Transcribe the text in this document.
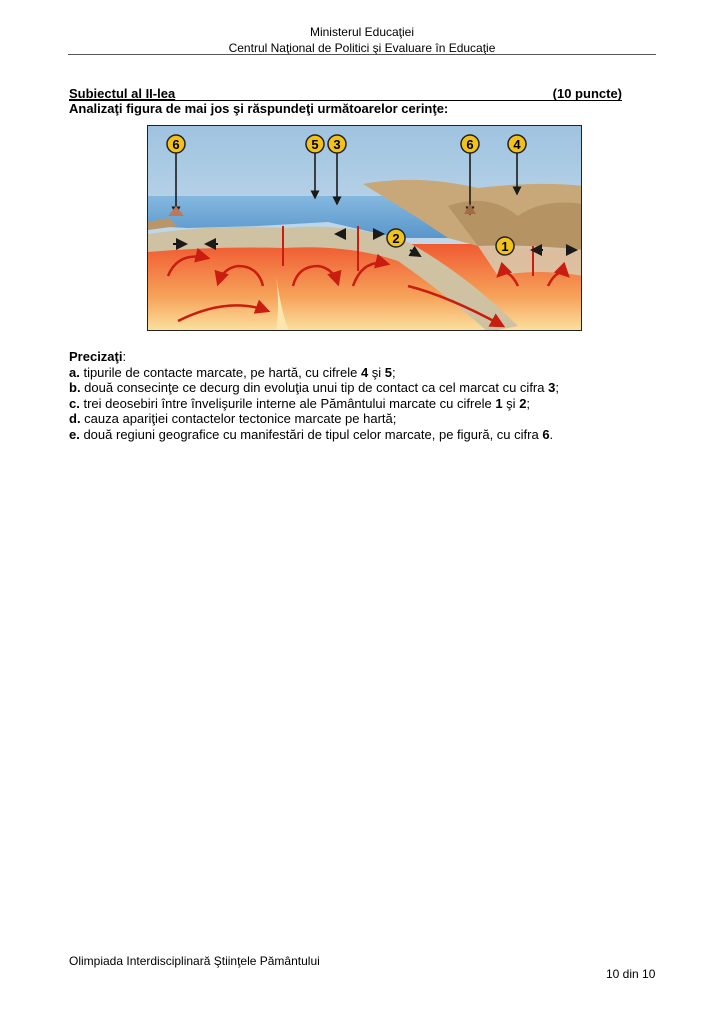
Ministerul Educaţiei
Centrul Naţional de Politici şi Evaluare în Educaţie
Subiectul al II-lea	(10 puncte)
Analizaţi figura de mai jos şi răspundeţi următoarelor cerinţe:
6	5 3	6	4
2
1
Precizaţi:
a. tipurile de contacte marcate, pe hartă, cu cifrele 4 şi 5;
b. două consecinţe ce decurg din evoluţia unui tip de contact ca cel marcat cu cifra 3;
c. trei deosebiri între învelişurile interne ale Pământului marcate cu cifrele 1 şi 2;
d. cauza apariţiei contactelor tectonice marcate pe hartă;
e. două regiuni geografice cu manifestări de tipul celor marcate, pe figură, cu cifra 6.
Olimpiada Interdisciplinară Ştiinţele Pământului
10 din 10
